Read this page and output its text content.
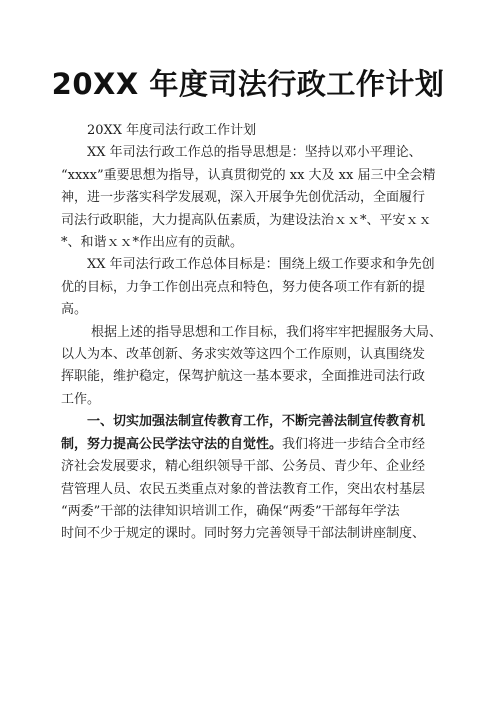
20XX 年度司法行政工作计划
20XX 年度司法行政工作计划
XX 年司法行政工作总的指导思想是：坚持以邓小平理论、
“xxxx”重要思想为指导，认真贯彻党的 xx 大及 xx 届三中全会精
神，进一步落实科学发展观，深入开展争先创优活动，全面履行
司法行政职能，大力提高队伍素质，为建设法治ｘｘ*、平安ｘｘ
*、和谐ｘｘ*作出应有的贡献。
XX 年司法行政工作总体目标是：围绕上级工作要求和争先创
优的目标，力争工作创出亮点和特色，努力使各项工作有新的提
高。
根据上述的指导思想和工作目标，我们将牢牢把握服务大局、
以人为本、改革创新、务求实效等这四个工作原则，认真围绕发
挥职能，维护稳定，保驾护航这一基本要求，全面推进司法行政
工作。
一、切实加强法制宣传教育工作，不断完善法制宣传教育机
制，努力提高公民学法守法的自觉性。我们将进一步结合全市经
济社会发展要求，精心组织领导干部、公务员、青少年、企业经
营管理人员、农民五类重点对象的普法教育工作，突出农村基层
“两委”干部的法律知识培训工作，确保“两委”干部每年学法
时间不少于规定的课时。同时努力完善领导干部法制讲座制度、
